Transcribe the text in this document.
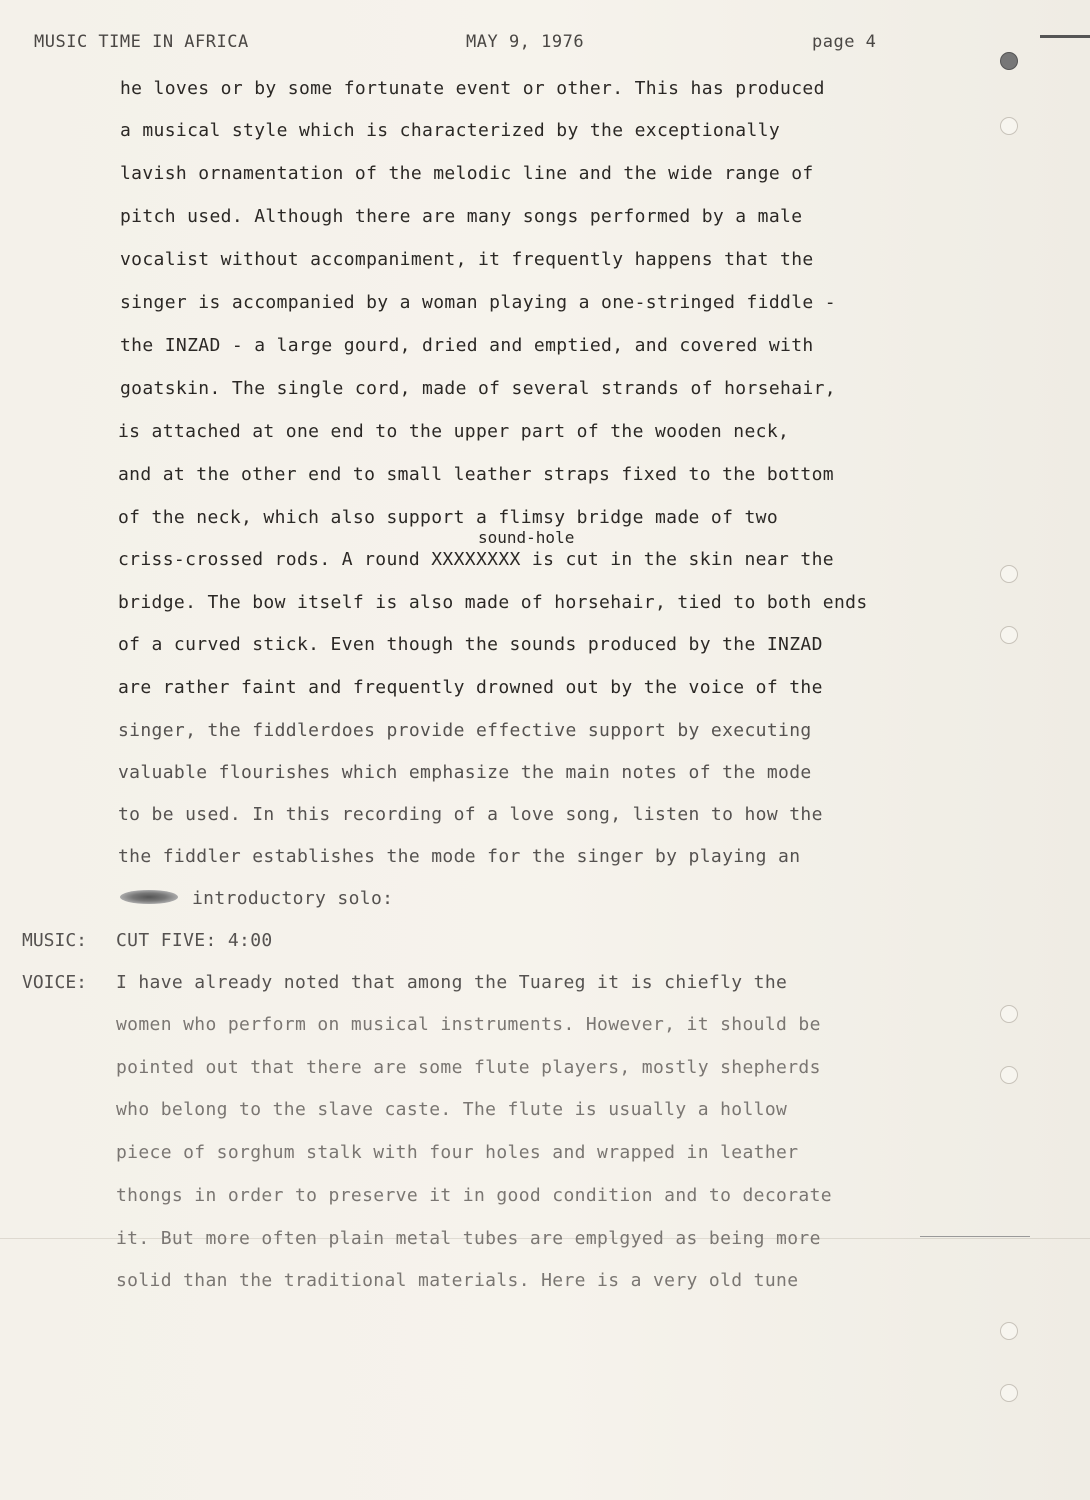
MUSIC TIME IN AFRICA	MAY 9, 1976	page 4
sound-hole
he loves or by some fortunate event or other. This has produced
a musical style which is characterized by the exceptionally
lavish ornamentation of the melodic line and the wide range of
pitch used. Although there are many songs performed by a male
vocalist without accompaniment, it frequently happens that the
singer is accompanied by a woman playing a one-stringed fiddle -
the INZAD - a large gourd, dried and emptied, and covered with
goatskin. The single cord, made of several strands of horsehair,
is attached at one end to the upper part of the wooden neck,
and at the other end to small leather straps fixed to the bottom
of the neck, which also support a flimsy bridge made of two
criss-crossed rods. A round XXXXXXXX is cut in the skin near the
bridge. The bow itself is also made of horsehair, tied to both ends
of a curved stick. Even though the sounds produced by the INZAD
are rather faint and frequently drowned out by the voice of the
singer, the fiddlerdoes provide effective support by executing
valuable flourishes which emphasize the main notes of the mode
to be used. In this recording of a love song, listen to how the
the fiddler establishes the mode for the singer by playing an
introductory solo:
MUSIC: CUT FIVE: 4:00
VOICE: I have already noted that among the Tuareg it is chiefly the
women who perform on musical instruments. However, it should be
pointed out that there are some flute players, mostly shepherds
who belong to the slave caste. The flute is usually a hollow
piece of sorghum stalk with four holes and wrapped in leather
thongs in order to preserve it in good condition and to decorate
it. But more often plain metal tubes are emplgyed as being more
solid than the traditional materials. Here is a very old tune
